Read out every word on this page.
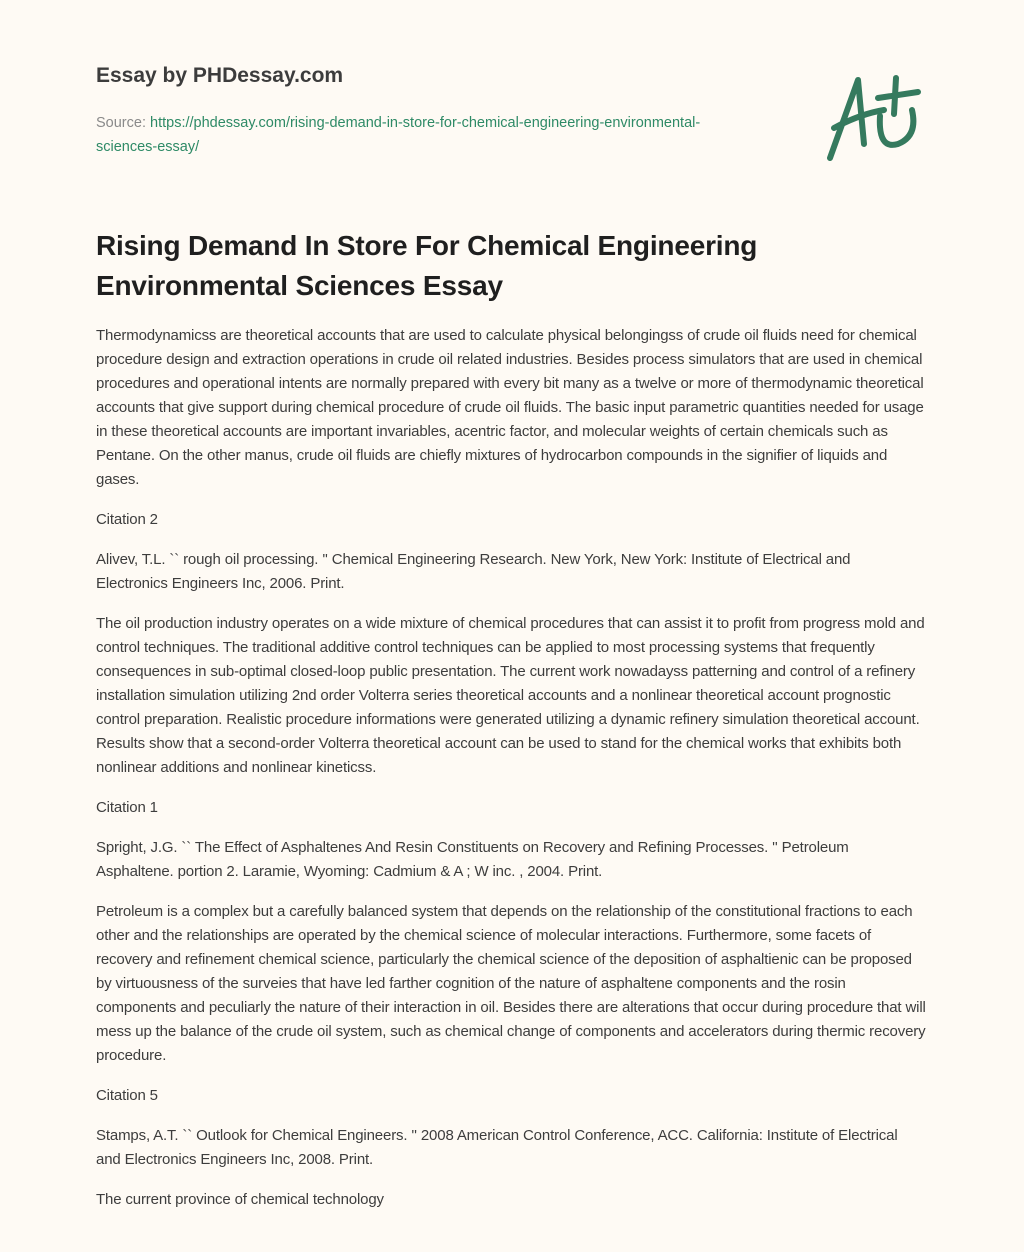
Essay by PHDessay.com
Source: https://phdessay.com/rising-demand-in-store-for-chemical-engineering-environmental-sciences-essay/
Rising Demand In Store For Chemical Engineering Environmental Sciences Essay

Thermodynamicss are theoretical accounts that are used to calculate physical belongingss of crude oil fluids need for chemical procedure design and extraction operations in crude oil related industries. Besides process simulators that are used in chemical procedures and operational intents are normally prepared with every bit many as a twelve or more of thermodynamic theoretical accounts that give support during chemical procedure of crude oil fluids. The basic input parametric quantities needed for usage in these theoretical accounts are important invariables, acentric factor, and molecular weights of certain chemicals such as Pentane. On the other manus, crude oil fluids are chiefly mixtures of hydrocarbon compounds in the signifier of liquids and gases.

Citation 2

Alivev, T.L. `` rough oil processing. '' Chemical Engineering Research. New York, New York: Institute of Electrical and Electronics Engineers Inc, 2006. Print.

The oil production industry operates on a wide mixture of chemical procedures that can assist it to profit from progress mold and control techniques. The traditional additive control techniques can be applied to most processing systems that frequently consequences in sub-optimal closed-loop public presentation. The current work nowadayss patterning and control of a refinery installation simulation utilizing 2nd order Volterra series theoretical accounts and a nonlinear theoretical account prognostic control preparation. Realistic procedure informations were generated utilizing a dynamic refinery simulation theoretical account. Results show that a second-order Volterra theoretical account can be used to stand for the chemical works that exhibits both nonlinear additions and nonlinear kineticss.

Citation 1

Spright, J.G. `` The Effect of Asphaltenes And Resin Constituents on Recovery and Refining Processes. '' Petroleum Asphaltene. portion 2. Laramie, Wyoming: Cadmium & A ; W inc. , 2004. Print.

Petroleum is a complex but a carefully balanced system that depends on the relationship of the constitutional fractions to each other and the relationships are operated by the chemical science of molecular interactions. Furthermore, some facets of recovery and refinement chemical science, particularly the chemical science of the deposition of asphaltienic can be proposed by virtuousness of the surveies that have led farther cognition of the nature of asphaltene components and the rosin components and peculiarly the nature of their interaction in oil. Besides there are alterations that occur during procedure that will mess up the balance of the crude oil system, such as chemical change of components and accelerators during thermic recovery procedure.

Citation 5

Stamps, A.T. `` Outlook for Chemical Engineers. '' 2008 American Control Conference, ACC. California: Institute of Electrical and Electronics Engineers Inc, 2008. Print.

The current province of chemical technology
